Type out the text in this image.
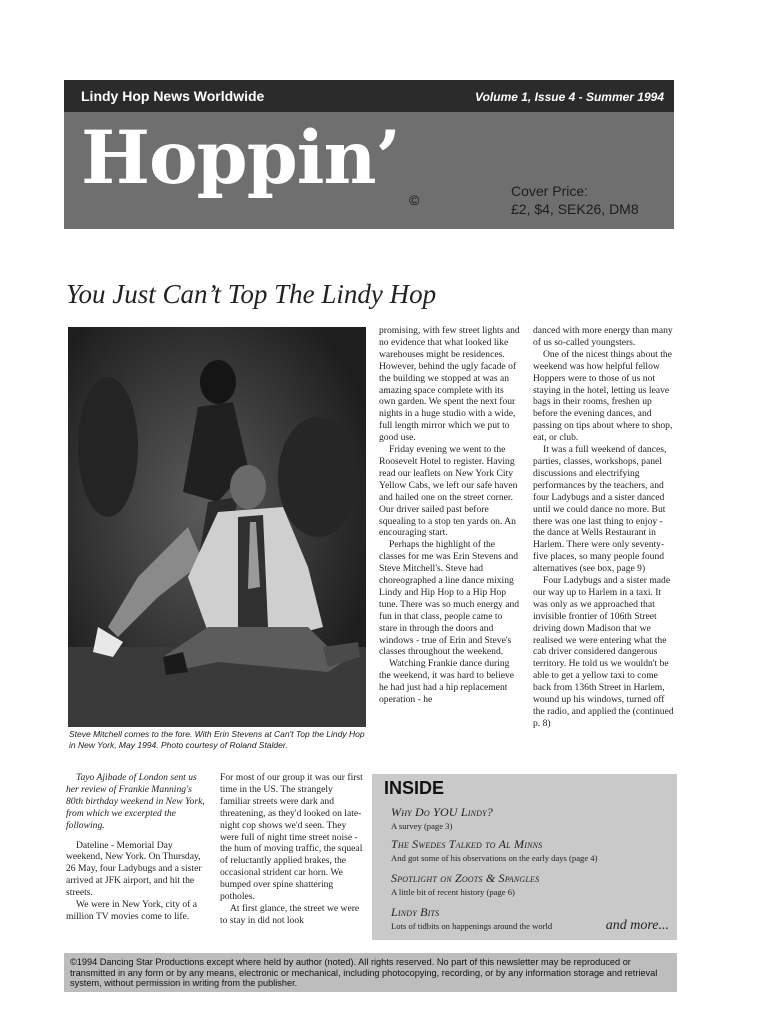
Lindy Hop News Worldwide	Volume 1, Issue 4 - Summer 1994
Hoppin’ ©
Cover Price:
£2, $4, SEK26, DM8
You Just Can’t Top The Lindy Hop
Steve Mitchell comes to the fore. With Erin Stevens at Can't Top the Lindy Hop in New York, May 1994. Photo courtesy of Roland Stalder.

promising, with few street lights and no evidence that what looked like warehouses might be residences. However, behind the ugly facade of the building we stopped at was an amazing space complete with its own garden. We spent the next four nights in a huge studio with a wide, full length mirror which we put to good use.

Friday evening we went to the Roosevelt Hotel to register. Having read our leaflets on New York City Yellow Cabs, we left our safe haven and hailed one on the street corner. Our driver sailed past before squealing to a stop ten yards on. An encouraging start.

Perhaps the highlight of the classes for me was Erin Stevens and Steve Mitchell's. Steve had choreographed a line dance mixing Lindy and Hip Hop to a Hip Hop tune. There was so much energy and fun in that class, people came to stare in through the doors and windows - true of Erin and Steve's classes throughout the weekend.

Watching Frankie dance during the weekend, it was hard to believe he had just had a hip replacement operation - he

danced with more energy than many of us so-called youngsters.

One of the nicest things about the weekend was how helpful fellow Hoppers were to those of us not staying in the hotel, letting us leave bags in their rooms, freshen up before the evening dances, and passing on tips about where to shop, eat, or club.

It was a full weekend of dances, parties, classes, workshops, panel discussions and electrifying performances by the teachers, and four Ladybugs and a sister danced until we could dance no more. But there was one last thing to enjoy - the dance at Wells Restaurant in Harlem. There were only seventy-five places, so many people found alternatives (see box, page 9)

Four Ladybugs and a sister made our way up to Harlem in a taxi. It was only as we approached that invisible frontier of 106th Street driving down Madison that we realised we were entering what the cab driver considered dangerous territory. He told us we wouldn't be able to get a yellow taxi to come back from 136th Street in Harlem, wound up his windows, turned off the radio, and applied the (continued p. 8)

Tayo Ajibade of London sent us her review of Frankie Manning's 80th birthday weekend in New York, from which we excerpted the following.

Dateline - Memorial Day weekend, New York. On Thursday, 26 May, four Ladybugs and a sister arrived at JFK airport, and hit the streets.

We were in New York, city of a million TV movies come to life.

For most of our group it was our first time in the US. The strangely familiar streets were dark and threatening, as they'd looked on late-night cop shows we'd seen. They were full of night time street noise - the hum of moving traffic, the squeal of reluctantly applied brakes, the occasional strident car horn. We bumped over spine shattering potholes.

At first glance, the street we were to stay in did not look

INSIDE
Why Do YOU Lindy?
A survey (page 3)
The Swedes Talked to Al Minns
And got some of his observations on the early days (page 4)
Spotlight on Zoots & Spangles
A little bit of recent history (page 6)
Lindy Bits
Lots of tidbits on happenings around the world	and more...
©1994 Dancing Star Productions except where held by author (noted). All rights reserved. No part of this newsletter may be reproduced or transmitted in any form or by any means, electronic or mechanical, including photocopying, recording, or by any information storage and retrieval system, without permission in writing from the publisher.
